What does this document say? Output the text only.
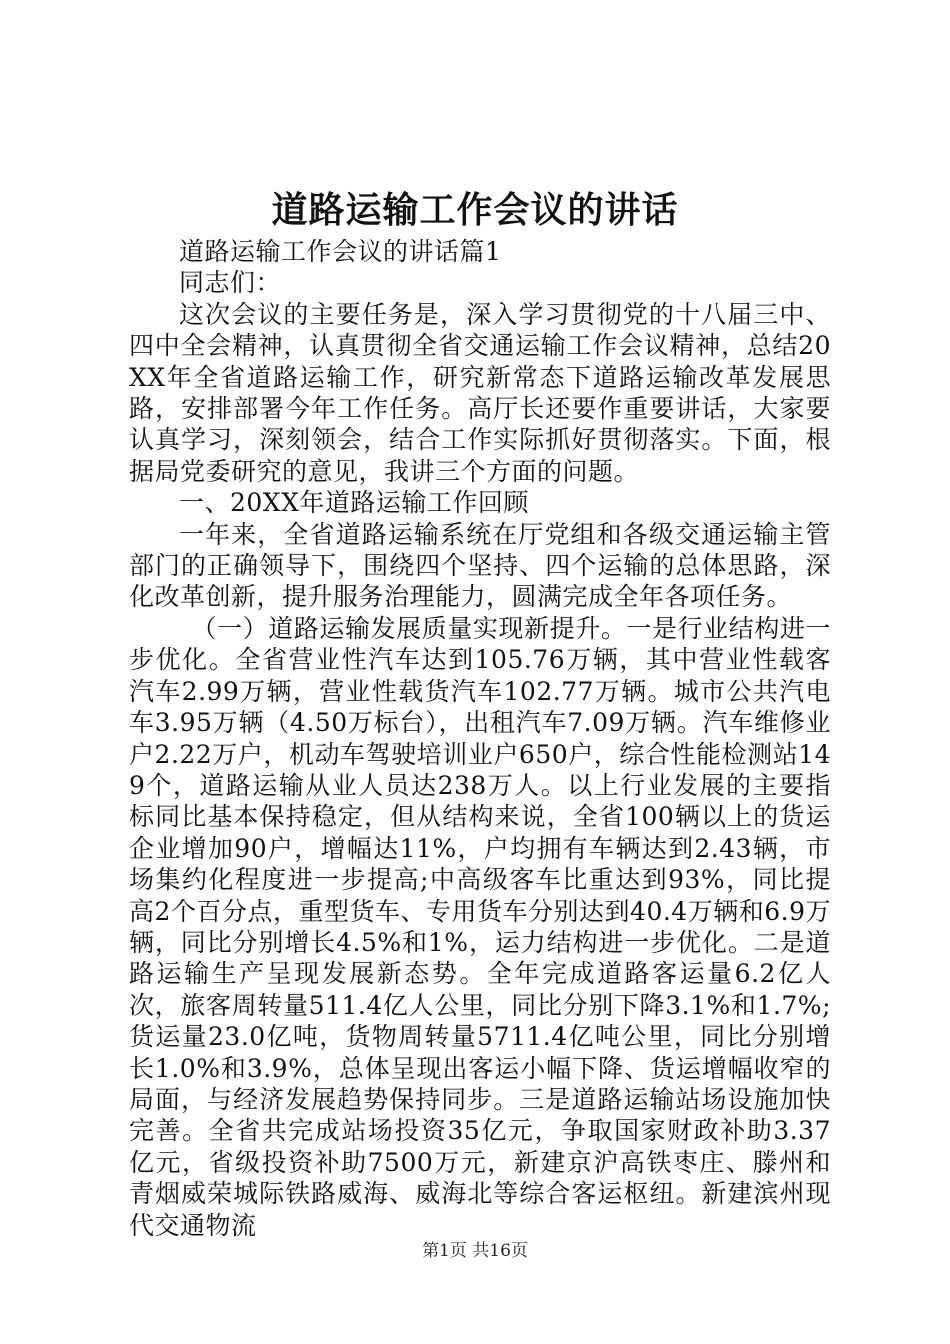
道路运输工作会议的讲话

道路运输工作会议的讲话篇1

同志们：

这次会议的主要任务是，深入学习贯彻党的十八届三中、四中全会精神，认真贯彻全省交通运输工作会议精神，总结20XX年全省道路运输工作，研究新常态下道路运输改革发展思路，安排部署今年工作任务。高厅长还要作重要讲话，大家要认真学习，深刻领会，结合工作实际抓好贯彻落实。下面，根据局党委研究的意见，我讲三个方面的问题。

一、20XX年道路运输工作回顾

一年来，全省道路运输系统在厅党组和各级交通运输主管部门的正确领导下，围绕四个坚持、四个运输的总体思路，深化改革创新，提升服务治理能力，圆满完成全年各项任务。

（一）道路运输发展质量实现新提升。一是行业结构进一步优化。全省营业性汽车达到105.76万辆，其中营业性载客汽车2.99万辆，营业性载货汽车102.77万辆。城市公共汽电车3.95万辆（4.50万标台），出租汽车7.09万辆。汽车维修业户2.22万户，机动车驾驶培训业户650户，综合性能检测站149个，道路运输从业人员达238万人。以上行业发展的主要指标同比基本保持稳定，但从结构来说，全省100辆以上的货运企业增加90户，增幅达11%，户均拥有车辆达到2.43辆，市场集约化程度进一步提高;中高级客车比重达到93%，同比提高2个百分点，重型货车、专用货车分别达到40.4万辆和6.9万辆，同比分别增长4.5%和1%，运力结构进一步优化。二是道路运输生产呈现发展新态势。全年完成道路客运量6.2亿人次，旅客周转量511.4亿人公里，同比分别下降3.1%和1.7%;货运量23.0亿吨，货物周转量5711.4亿吨公里，同比分别增长1.0%和3.9%，总体呈现出客运小幅下降、货运增幅收窄的局面，与经济发展趋势保持同步。三是道路运输站场设施加快完善。全省共完成站场投资35亿元，争取国家财政补助3.37亿元，省级投资补助7500万元，新建京沪高铁枣庄、滕州和青烟威荣城际铁路威海、威海北等综合客运枢纽。新建滨州现代交通物流

第1页 共16页
